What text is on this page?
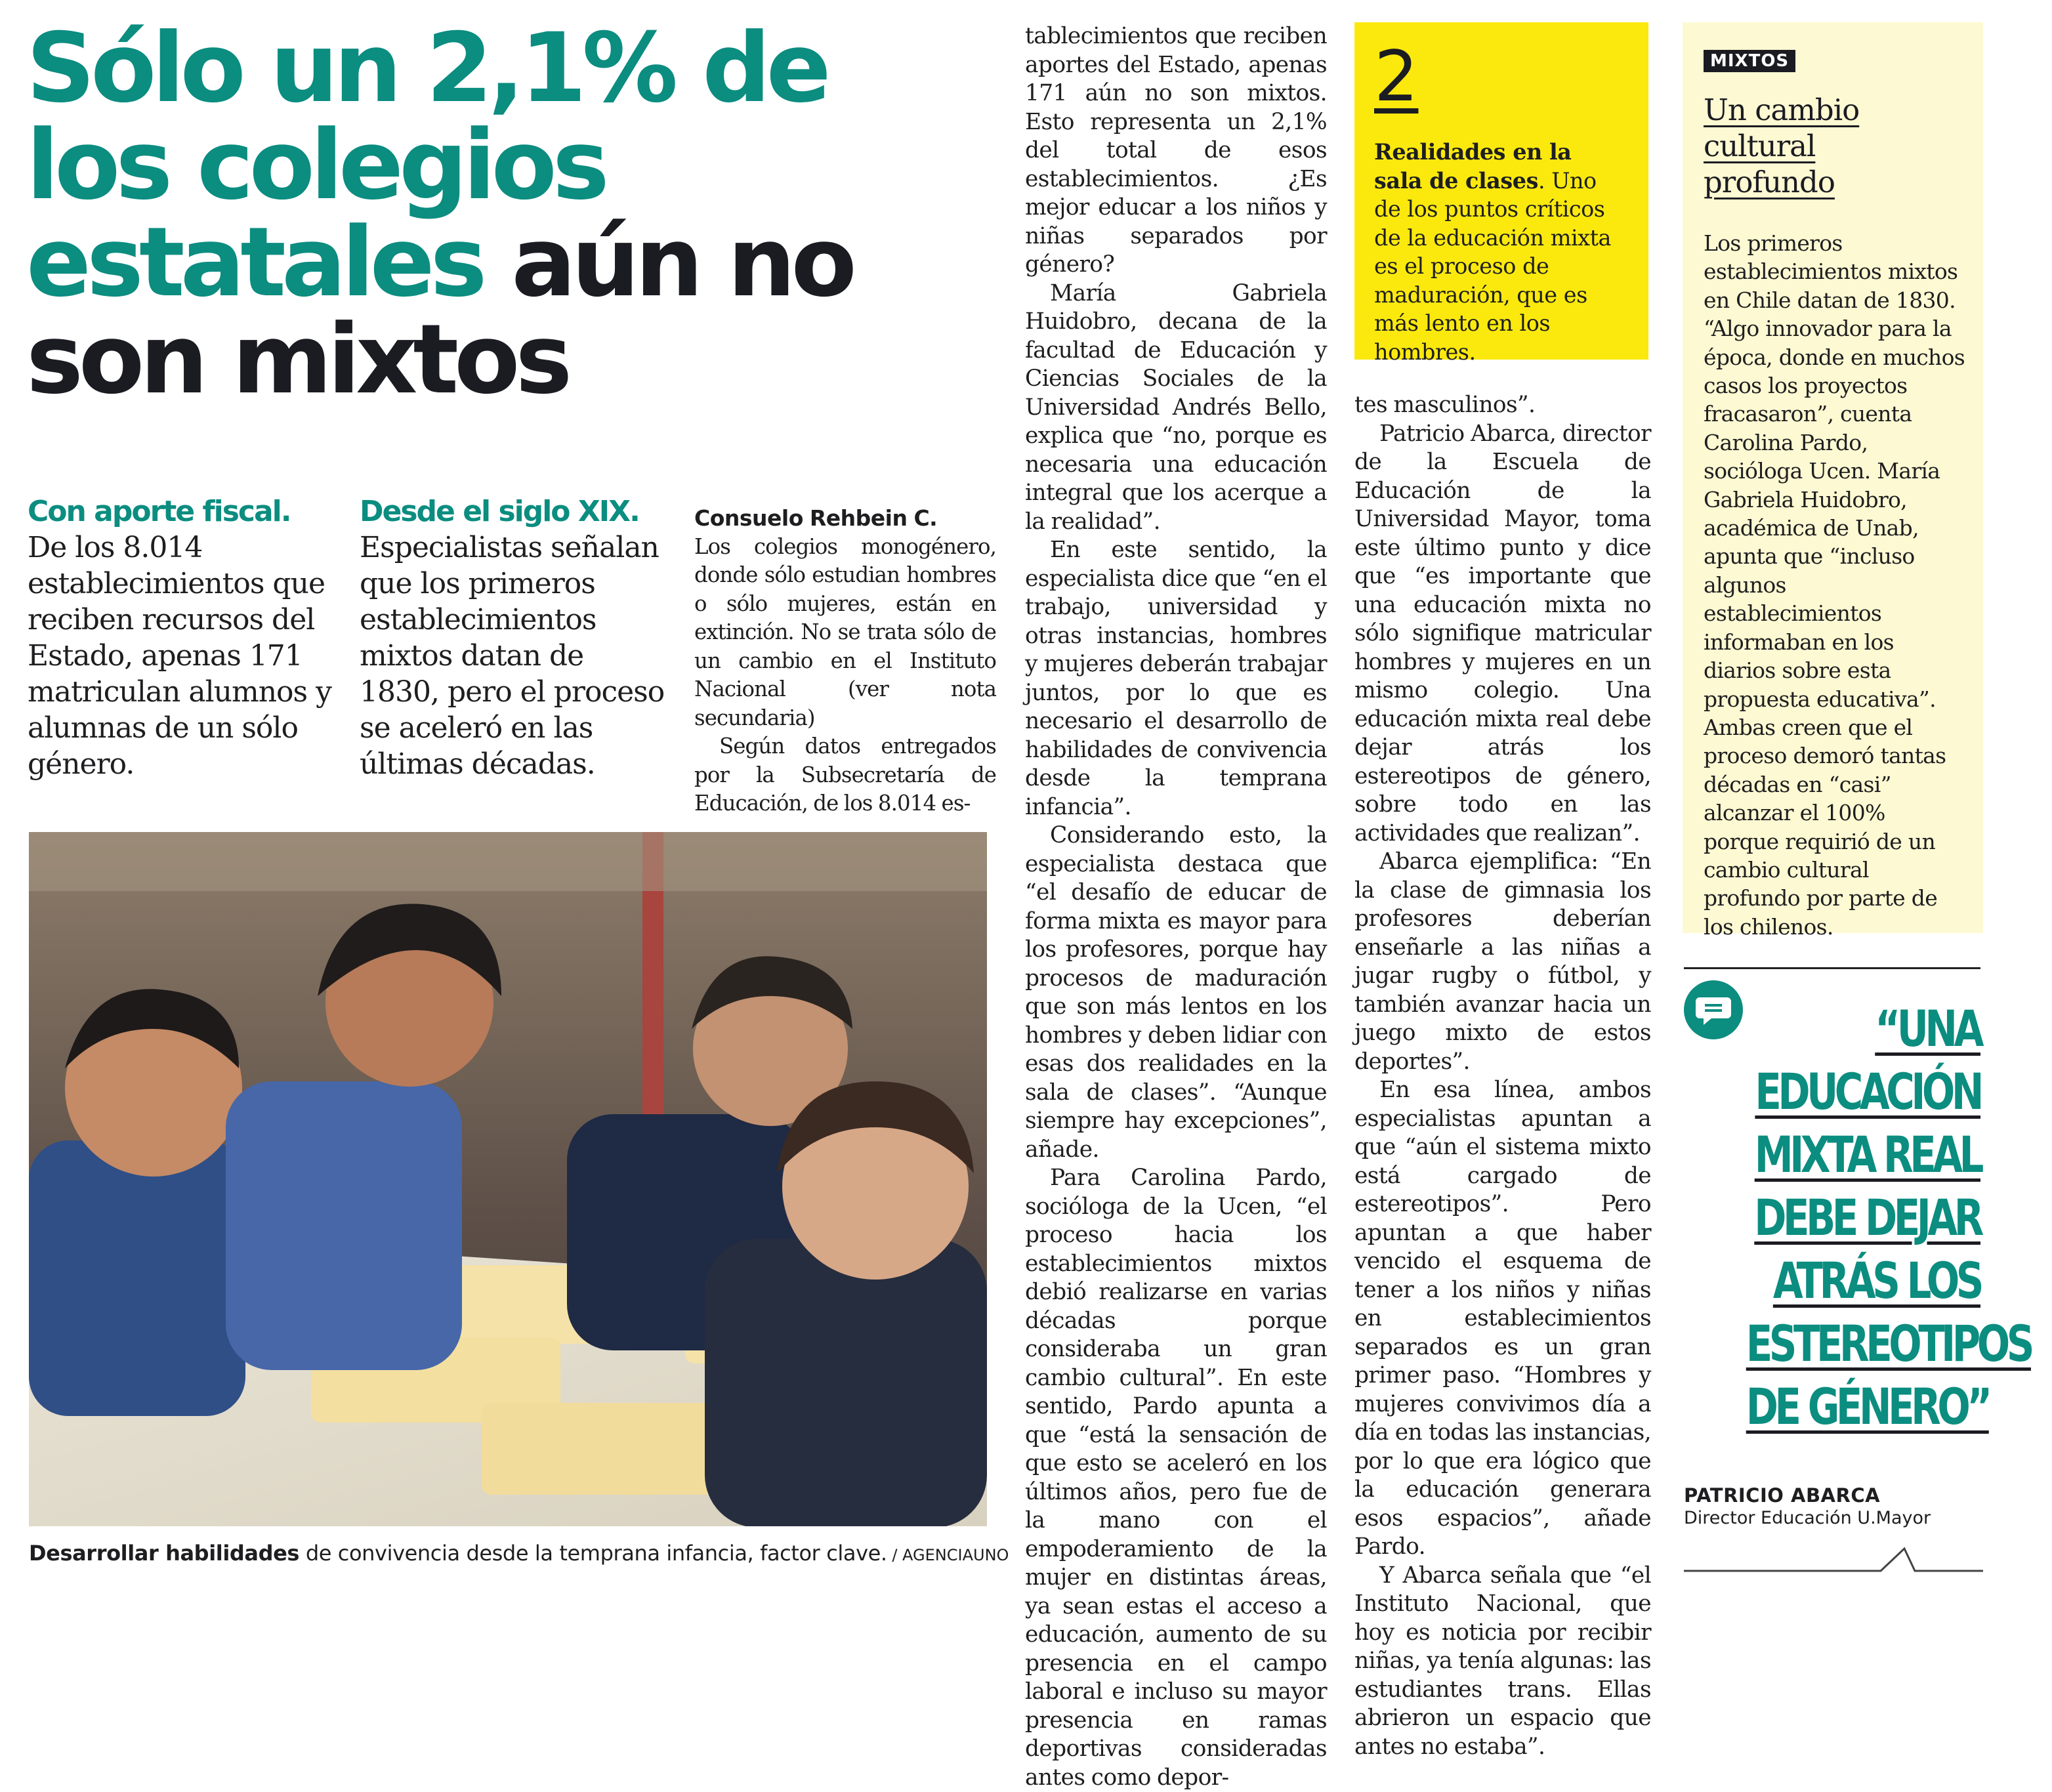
Sólo un 2,1% de los colegios estatales aún no son mixtos
Con aporte fiscal.
De los 8.014 establecimientos que reciben recursos del Estado, apenas 171 matriculan alumnos y alumnas de un sólo género.
Desde el siglo XIX.
Especialistas señalan que los primeros establecimientos mixtos datan de 1830, pero el proceso se aceleró en las últimas décadas.

Consuelo Rehbein C.

Los colegios monogénero, donde sólo estudian hombres o sólo mujeres, están en extinción. No se trata sólo de un cambio en el Instituto Nacional (ver nota secundaria)

Según datos entregados por la Subsecretaría de Educación, de los 8.014 es-

tablecimientos que reciben aportes del Estado, apenas 171 aún no son mixtos. Esto representa un 2,1% del total de esos establecimientos. ¿Es mejor educar a los niños y niñas separados por género?

María Gabriela Huidobro, decana de la facultad de Educación y Ciencias Sociales de la Universidad Andrés Bello, explica que “no, porque es necesaria una educación integral que los acerque a la realidad”.

En este sentido, la especialista dice que “en el trabajo, universidad y otras instancias, hombres y mujeres deberán trabajar juntos, por lo que es necesario el desarrollo de habilidades de convivencia desde la temprana infancia”.

Considerando esto, la especialista destaca que “el desafío de educar de forma mixta es mayor para los profesores, porque hay procesos de maduración que son más lentos en los hombres y deben lidiar con esas dos realidades en la sala de clases”. “Aunque siempre hay excepciones”, añade.

Para Carolina Pardo, socióloga de la Ucen, “el proceso hacia los establecimientos mixtos debió realizarse en varias décadas porque consideraba un gran cambio cultural”. En este sentido, Pardo apunta a que “está la sensación de que esto se aceleró en los últimos años, pero fue de la mano con el empoderamiento de la mujer en distintas áreas, ya sean estas el acceso a educación, aumento de su presencia en el campo laboral e incluso su mayor presencia en ramas deportivas consideradas antes como depor-

2
Realidades en la sala de clases. Uno de los puntos críticos de la educación mixta es el proceso de maduración, que es más lento en los hombres.

tes masculinos”.

Patricio Abarca, director de la Escuela de Educación de la Universidad Mayor, toma este último punto y dice que “es importante que una educación mixta no sólo signifique matricular hombres y mujeres en un mismo colegio. Una educación mixta real debe dejar atrás los estereotipos de género, sobre todo en las actividades que realizan”.

Abarca ejemplifica: “En la clase de gimnasia los profesores deberían enseñarle a las niñas a jugar rugby o fútbol, y también avanzar hacia un juego mixto de estos deportes”.

En esa línea, ambos especialistas apuntan a que “aún el sistema mixto está cargado de estereotipos”. Pero apuntan a que haber vencido el esquema de tener a los niños y niñas en establecimientos separados es un gran primer paso. “Hombres y mujeres convivimos día a día en todas las instancias, por lo que era lógico que la educación generara esos espacios”, añade Pardo.

Y Abarca señala que “el Instituto Nacional, que hoy es noticia por recibir niñas, ya tenía algunas: las estudiantes trans. Ellas abrieron un espacio que antes no estaba”.

MIXTOS
Un cambio
cultural
profundo
Los primeros establecimientos mixtos en Chile datan de 1830. “Algo innovador para la época, donde en muchos casos los proyectos fracasaron”, cuenta Carolina Pardo, socióloga Ucen. María Gabriela Huidobro, académica de Unab, apunta que “incluso algunos establecimientos informaban en los diarios sobre esta propuesta educativa”. Ambas creen que el proceso demoró tantas décadas en “casi” alcanzar el 100% porque requirió de un cambio cultural profundo por parte de los chilenos.
Desarrollar habilidades de convivencia desde la temprana infancia, factor clave. / AGENCIAUNO
“UNA
EDUCACIÓN
MIXTA REAL
DEBE DEJAR
ATRÁS LOS
ESTEREOTIPOS
DE GÉNERO”
PATRICIO ABARCA
Director Educación U.Mayor
